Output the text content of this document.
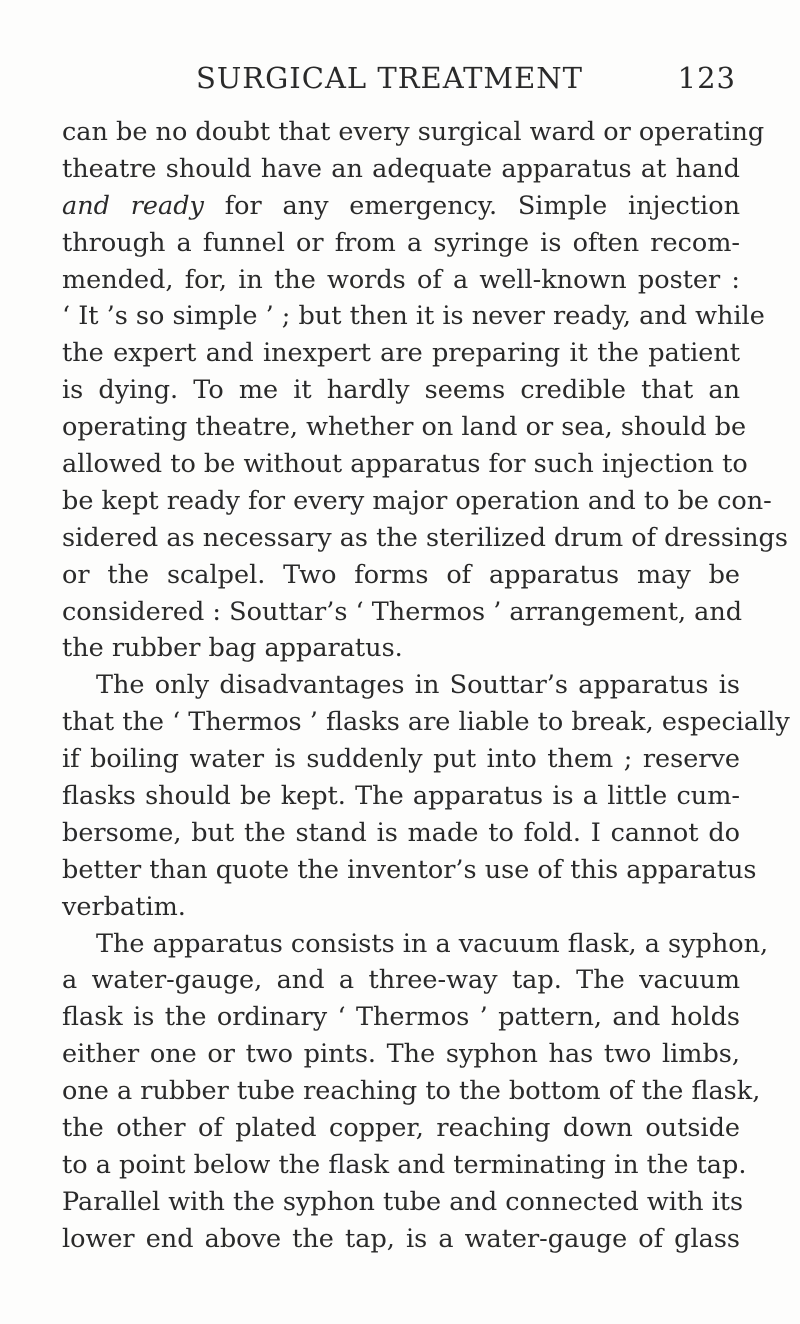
SURGICAL TREATMENT	123
can be no doubt that every surgical ward or operating
theatre should have an adequate apparatus at hand
and ready for any emergency. Simple injection
through a funnel or from a syringe is often recom-
mended, for, in the words of a well-known poster :
‘ It ’s so simple ’ ; but then it is never ready, and while
the expert and inexpert are preparing it the patient
is dying. To me it hardly seems credible that an
operating theatre, whether on land or sea, should be
allowed to be without apparatus for such injection to
be kept ready for every major operation and to be con-
sidered as necessary as the sterilized drum of dressings
or the scalpel. Two forms of apparatus may be
considered : Souttar’s ‘ Thermos ’ arrangement, and
the rubber bag apparatus.
The only disadvantages in Souttar’s apparatus is
that the ‘ Thermos ’ flasks are liable to break, especially
if boiling water is suddenly put into them ; reserve
flasks should be kept. The apparatus is a little cum-
bersome, but the stand is made to fold. I cannot do
better than quote the inventor’s use of this apparatus
verbatim.
The apparatus consists in a vacuum flask, a syphon,
a water-gauge, and a three-way tap. The vacuum
flask is the ordinary ‘ Thermos ’ pattern, and holds
either one or two pints. The syphon has two limbs,
one a rubber tube reaching to the bottom of the flask,
the other of plated copper, reaching down outside
to a point below the flask and terminating in the tap.
Parallel with the syphon tube and connected with its
lower end above the tap, is a water-gauge of glass
